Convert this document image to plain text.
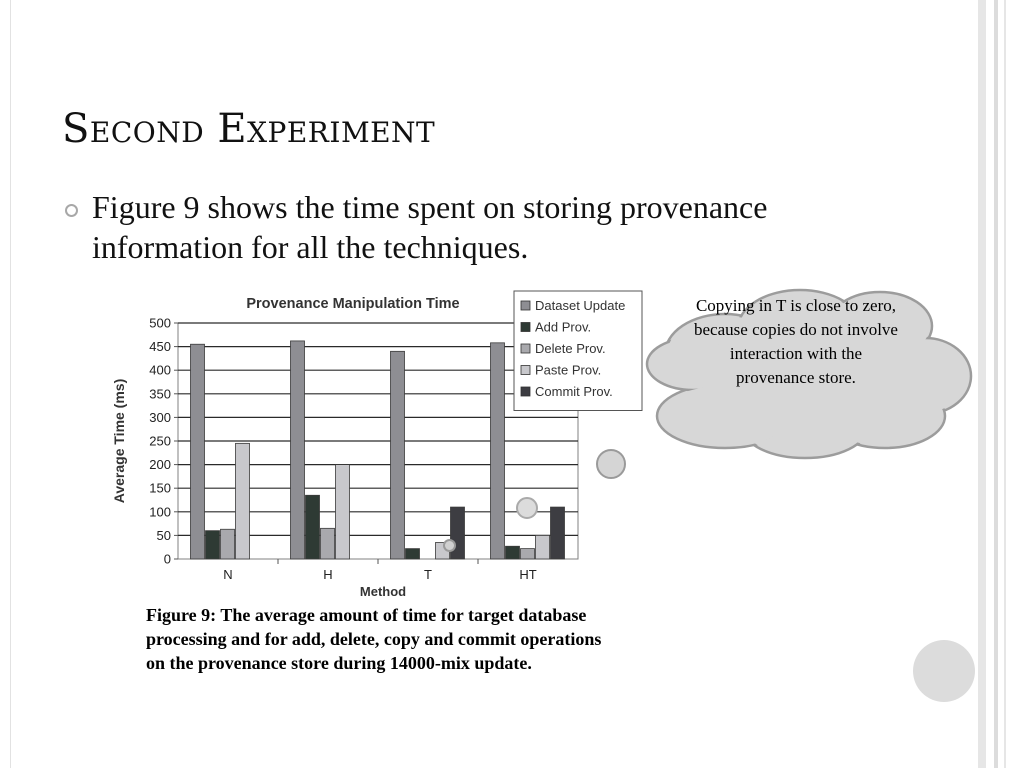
Second Experiment

Figure 9 shows the time spent on storing provenance information for all the techniques.

0
50
100
150
200
250
300
350
400
450
500
N	H	T	HT
Provenance Manipulation Time
Method
Average Time (ms)
Dataset Update
Add Prov.
Delete Prov.
Paste Prov.
Commit Prov.

Figure 9: The average amount of time for target database processing and for add, delete, copy and commit operations on the provenance store during 14000-mix update.

Copying in T is close to zero, because copies do not involve interaction with the provenance store.
